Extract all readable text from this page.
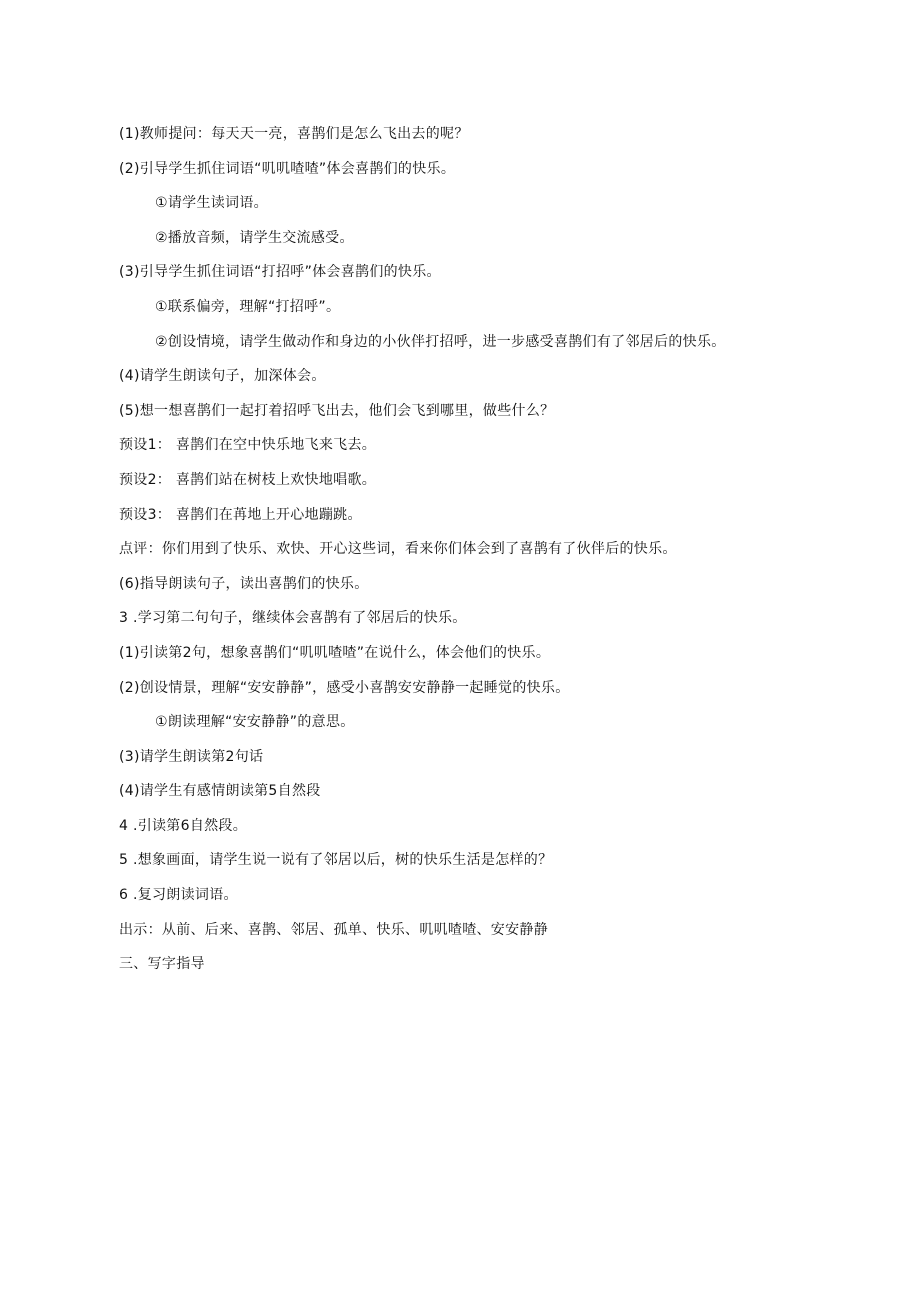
(1)教师提问：每天天一亮，喜鹊们是怎么飞出去的呢？
(2)引导学生抓住词语“叽叽喳喳”体会喜鹊们的快乐。
①请学生读词语。
②播放音频，请学生交流感受。
(3)引导学生抓住词语“打招呼”体会喜鹊们的快乐。
①联系偏旁，理解“打招呼”。
②创设情境，请学生做动作和身边的小伙伴打招呼，进一步感受喜鹊们有了邻居后的快乐。
(4)请学生朗读句子，加深体会。
(5)想一想喜鹊们一起打着招呼飞出去，他们会飞到哪里，做些什么？
预设1： 喜鹊们在空中快乐地飞来飞去。
预设2： 喜鹊们站在树枝上欢快地唱歌。
预设3： 喜鹊们在苒地上开心地蹦跳。
点评：你们用到了快乐、欢快、开心这些词，看来你们体会到了喜鹊有了伙伴后的快乐。
(6)指导朗读句子，读出喜鹊们的快乐。
3 .学习第二句句子，继续体会喜鹊有了邻居后的快乐。
(1)引读第2句，想象喜鹊们“叽叽喳喳”在说什么，体会他们的快乐。
(2)创设情景，理解“安安静静”，感受小喜鹊安安静静一起睡觉的快乐。
①朗读理解“安安静静”的意思。
(3)请学生朗读第2句话
(4)请学生有感情朗读第5自然段
4 .引读第6自然段。
5 .想象画面，请学生说一说有了邻居以后，树的快乐生活是怎样的？
6 .复习朗读词语。
出示：从前、后来、喜鹊、邻居、孤单、快乐、叽叽喳喳、安安静静
三、写字指导
